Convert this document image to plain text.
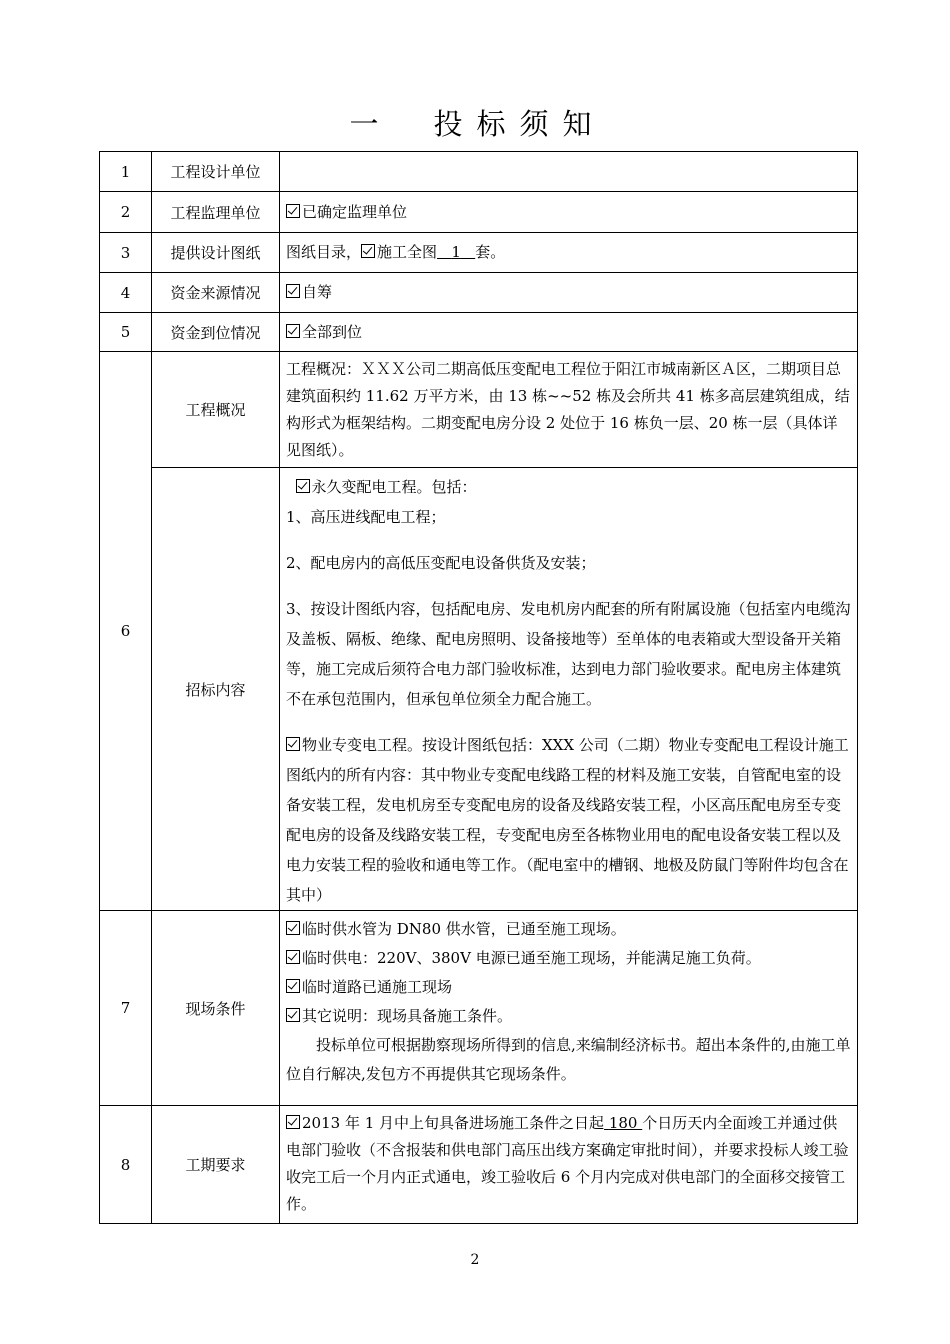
一 投 标 须 知
1	工程设计单位	
2	工程监理单位	已确定监理单位
3	提供设计图纸	图纸目录， 施工全图 1 套。
4	资金来源情况	自筹
5	资金到位情况	全部到位
6	工程概况	工程概况：ＸＸＸ公司二期高低压变配电工程位于阳江市城南新区Ａ区，二期项目总建筑面积约 11.62 万平方米，由 13 栋~~52 栋及会所共 41 栋多高层建筑组成，结构形式为框架结构。二期变配电房分设 2 处位于 16 栋负一层、20 栋一层（具体详见图纸）。
	招标内容	永久变配电工程。包括：

1、高压进线配电工程；

2、配电房内的高低压变配电设备供货及安装；

3、按设计图纸内容，包括配电房、发电机房内配套的所有附属设施（包括室内电缆沟及盖板、隔板、绝缘、配电房照明、设备接地等）至单体的电表箱或大型设备开关箱等，施工完成后须符合电力部门验收标准，达到电力部门验收要求。配电房主体建筑不在承包范围内，但承包单位须全力配合施工。

物业专变电工程。按设计图纸包括：XXX 公司（二期）物业专变配电工程设计施工图纸内的所有内容：其中物业专变配电线路工程的材料及施工安装，自管配电室的设备安装工程，发电机房至专变配电房的设备及线路安装工程，小区高压配电房至专变配电房的设备及线路安装工程，专变配电房至各栋物业用电的配电设备安装工程以及电力安装工程的验收和通电等工作。（配电室中的槽钢、地极及防鼠门等附件均包含在其中）

7	现场条件	临时供水管为 DN80 供水管，已通至施工现场。

临时供电：220V、380V 电源已通至施工现场，并能满足施工负荷。

临时道路已通施工现场

其它说明：现场具备施工条件。

投标单位可根据勘察现场所得到的信息,来编制经济标书。超出本条件的,由施工单位自行解决,发包方不再提供其它现场条件。

8	工期要求	2013 年 1 月中上旬具备进场施工条件之日起 180 个日历天内全面竣工并通过供电部门验收（不含报装和供电部门高压出线方案确定审批时间），并要求投标人竣工验收完工后一个月内正式通电，竣工验收后 6 个月内完成对供电部门的全面移交接管工作。
2
